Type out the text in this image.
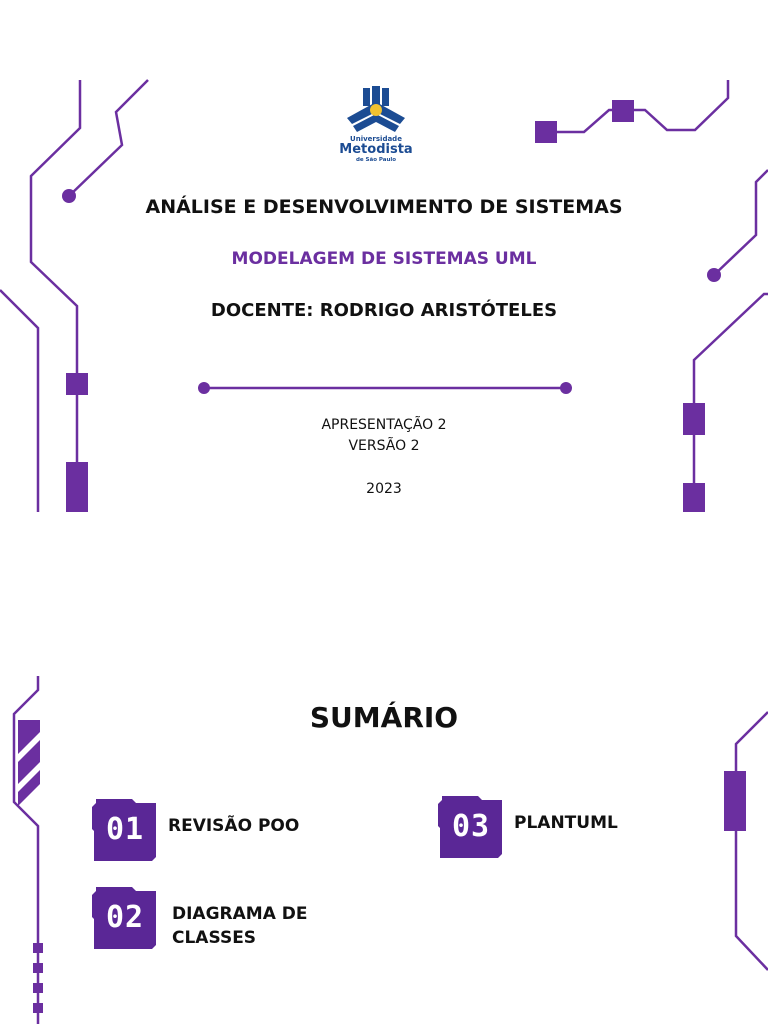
Universidade
Metodista
de São Paulo
ANÁLISE E DESENVOLVIMENTO DE SISTEMAS
MODELAGEM DE SISTEMAS UML
DOCENTE: RODRIGO ARISTÓTELES
APRESENTAÇÃO 2
VERSÃO 2
2023
SUMÁRIO
01	REVISÃO POO
02	DIAGRAMA DE
CLASSES
03	PLANTUML
